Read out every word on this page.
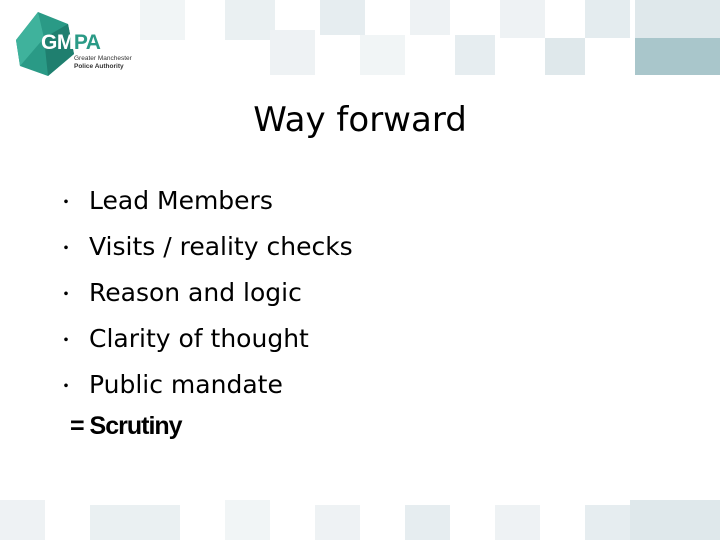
GMPA
Greater Manchester
Police Authority
Way forward
・ Lead Members
・ Visits / reality checks
・ Reason and logic
・ Clarity of thought
・ Public mandate
= Scrutiny
